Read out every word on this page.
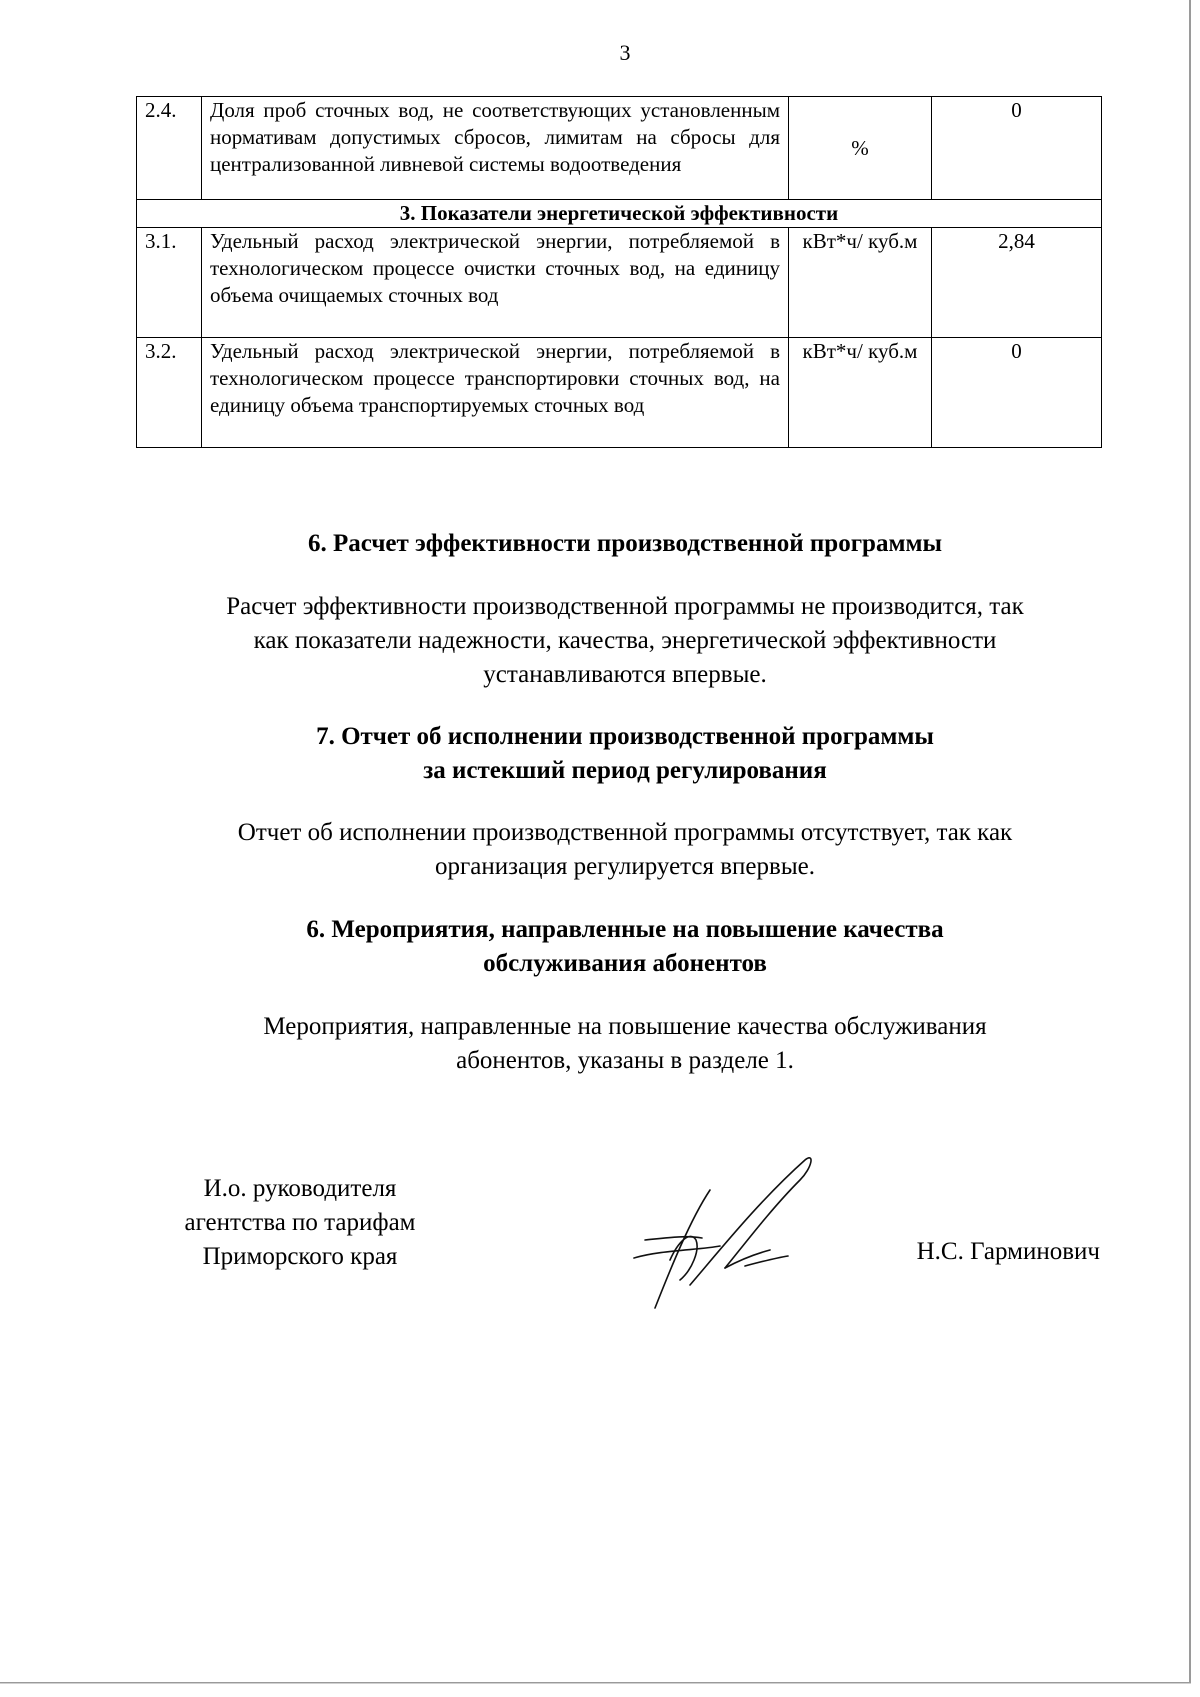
3
2.4.	Доля проб сточных вод, не соответствующих установленным нормативам допустимых сбросов, лимитам на сбросы для централизованной ливневой системы водоотведения	%	0
3. Показатели энергетической эффективности			
3.1.	Удельный расход электрической энергии, потребляемой в технологическом процессе очистки сточных вод, на единицу объема очищаемых сточных вод	кВт*ч/ куб.м	2,84
3.2.	Удельный расход электрической энергии, потребляемой в технологическом процессе транспортировки сточных вод, на единицу объема транспортируемых сточных вод	кВт*ч/ куб.м	0
6. Расчет эффективности производственной программы
Расчет эффективности производственной программы не производится, так
как показатели надежности, качества, энергетической эффективности
устанавливаются впервые.
7. Отчет об исполнении производственной программы
за истекший период регулирования
Отчет об исполнении производственной программы отсутствует, так как
организация регулируется впервые.
6. Мероприятия, направленные на повышение качества
обслуживания абонентов
Мероприятия, направленные на повышение качества обслуживания
абонентов, указаны в разделе 1.
И.о. руководителя
агентства по тарифам
Приморского края	Н.С. Гарминович
